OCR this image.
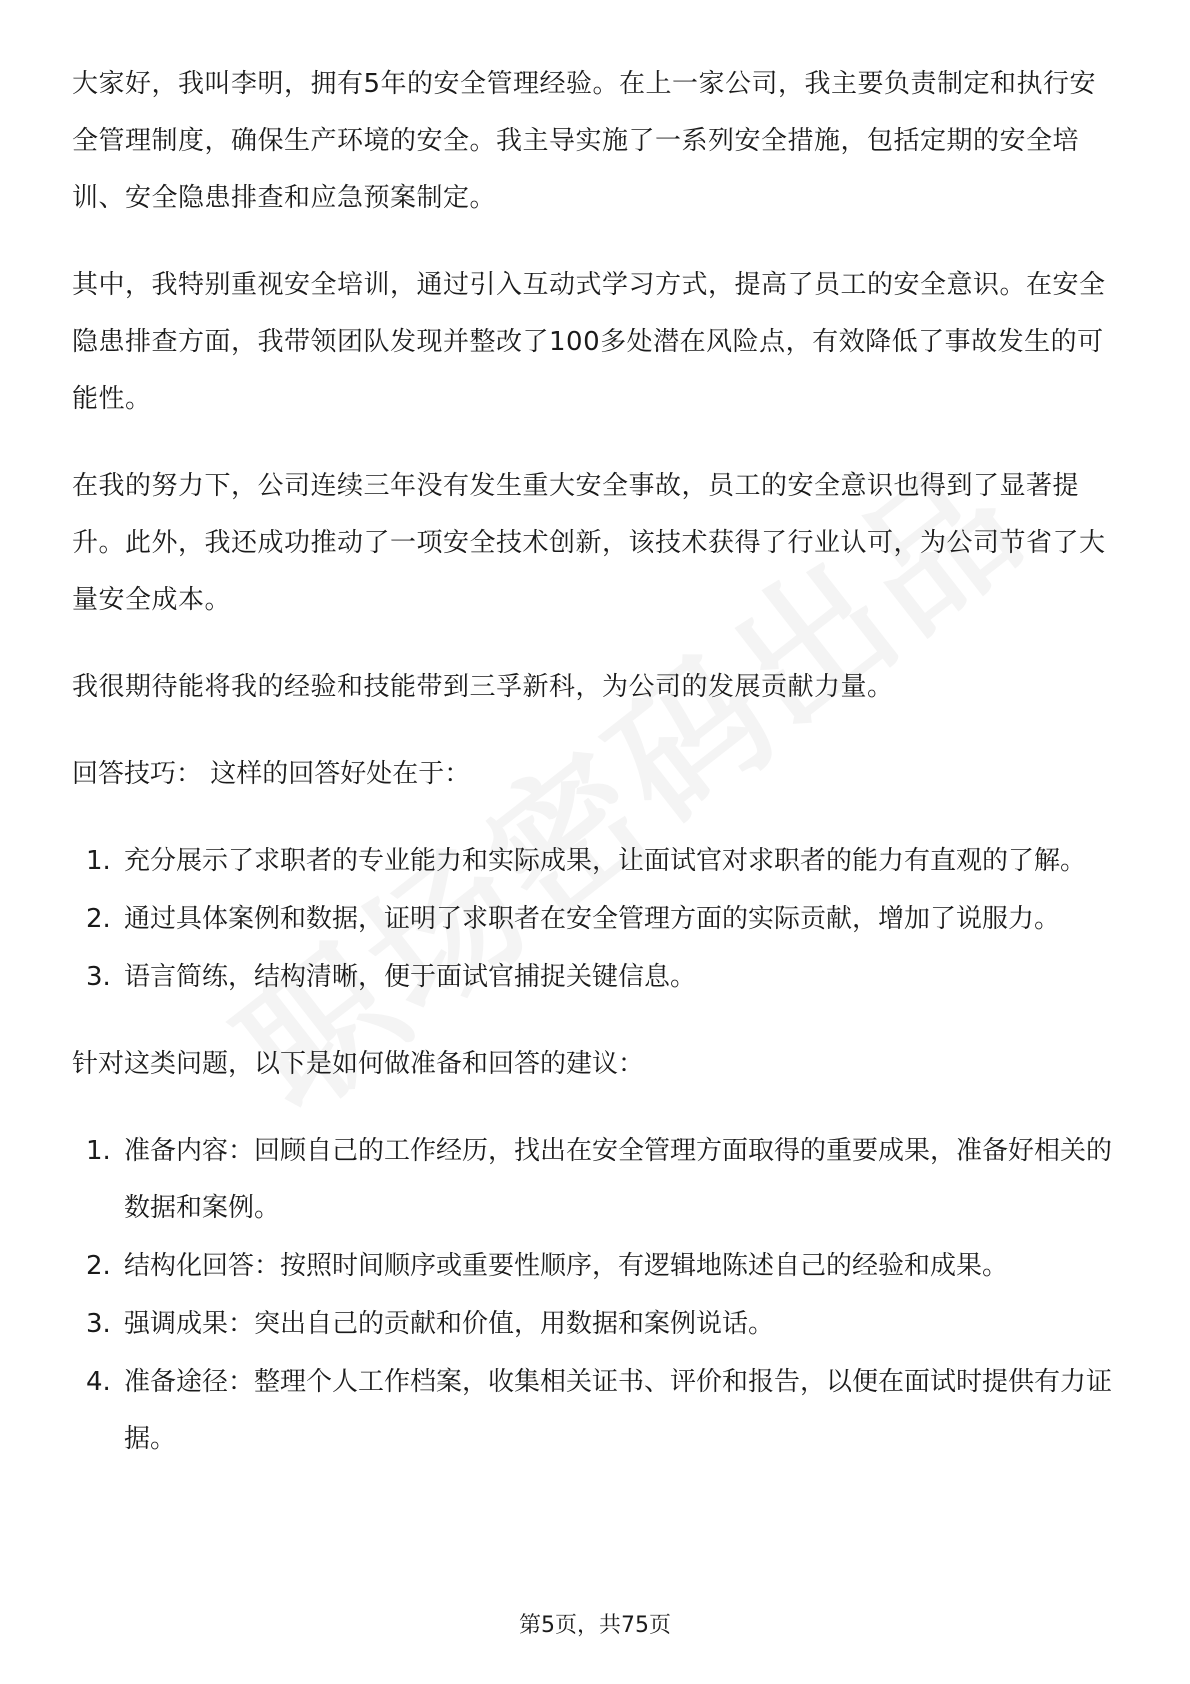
大家好，我叫李明，拥有5年的安全管理经验。在上一家公司，我主要负责制定和执行安全管理制度，确保生产环境的安全。我主导实施了一系列安全措施，包括定期的安全培训、安全隐患排查和应急预案制定。

其中，我特别重视安全培训，通过引入互动式学习方式，提高了员工的安全意识。在安全隐患排查方面，我带领团队发现并整改了100多处潜在风险点，有效降低了事故发生的可能性。

在我的努力下，公司连续三年没有发生重大安全事故，员工的安全意识也得到了显著提升。此外，我还成功推动了一项安全技术创新，该技术获得了行业认可，为公司节省了大量安全成本。

我很期待能将我的经验和技能带到三孚新科，为公司的发展贡献力量。

回答技巧： 这样的回答好处在于：
1. 充分展示了求职者的专业能力和实际成果，让面试官对求职者的能力有直观的了解。
2. 通过具体案例和数据，证明了求职者在安全管理方面的实际贡献，增加了说服力。
3. 语言简练，结构清晰，便于面试官捕捉关键信息。
针对这类问题，以下是如何做准备和回答的建议：
1. 准备内容：回顾自己的工作经历，找出在安全管理方面取得的重要成果，准备好相关的数据和案例。
2. 结构化回答：按照时间顺序或重要性顺序，有逻辑地陈述自己的经验和成果。
3. 强调成果：突出自己的贡献和价值，用数据和案例说话。
4. 准备途径：整理个人工作档案，收集相关证书、评价和报告，以便在面试时提供有力证据。
第5页，共75页
